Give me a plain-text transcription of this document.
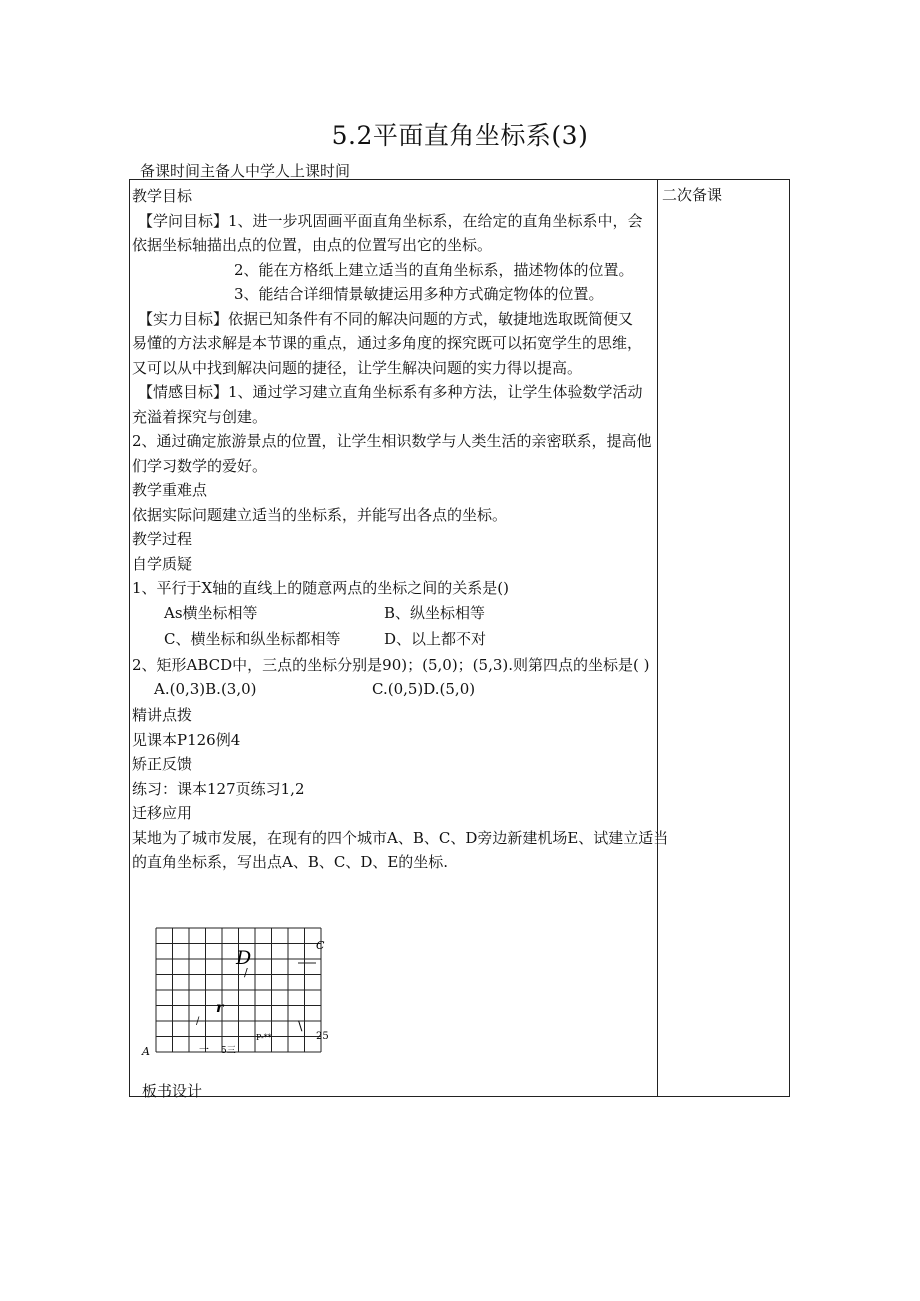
5.2平面直角坐标系(3)
备课时间主备人中学人上课时间
二次备课
教学目标
【学问目标】1、进一步巩固画平面直角坐标系，在给定的直角坐标系中，会
依据坐标轴描出点的位置，由点的位置写出它的坐标。
2、能在方格纸上建立适当的直角坐标系，描述物体的位置。
3、能结合详细情景敏捷运用多种方式确定物体的位置。
【实力目标】依据已知条件有不同的解决问题的方式，敏捷地选取既简便又
易懂的方法求解是本节课的重点，通过多角度的探究既可以拓宽学生的思维，
又可以从中找到解决问题的捷径，让学生解决问题的实力得以提高。
【情感目标】1、通过学习建立直角坐标系有多种方法，让学生体验数学活动
充溢着探究与创建。
2、通过确定旅游景点的位置，让学生相识数学与人类生活的亲密联系，提高他
们学习数学的爱好。
教学重难点
依据实际问题建立适当的坐标系，并能写出各点的坐标。
教学过程
自学质疑
1、平行于X轴的直线上的随意两点的坐标之间的关系是()
As横坐标相等	B、纵坐标相等
C、横坐标和纵坐标都相等	D、以上都不对
2、矩形ABCD中，三点的坐标分别是90)；(5,0)；(5,3).则第四点的坐标是( )
A.(0,3)B.(3,0)	C.(0,5)D.(5,0)
精讲点拨
见课本P126例4
矫正反馈
练习：课本127页练习1,2
迁移应用
某地为了城市发展，在现有的四个城市A、B、C、D旁边新建机场E、试建立适当
的直角坐标系，写出点A、B、C、D、E的坐标.
A
C
D
/
r
/	\
P-**	25
一 5三
板书设计
